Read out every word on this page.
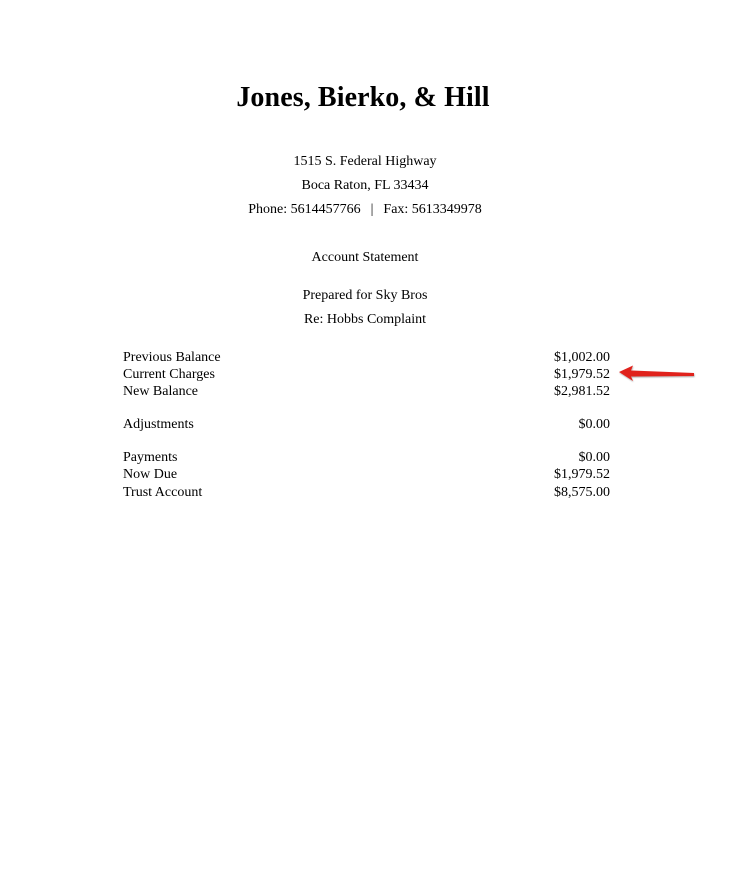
Jones, Bierko, & Hill
1515 S. Federal Highway
Boca Raton, FL 33434
Phone: 5614457766 | Fax: 5613349978
Account Statement
Prepared for Sky Bros
Re: Hobbs Complaint
Previous Balance	$1,002.00
Current Charges	$1,979.52
New Balance	$2,981.52
Adjustments	$0.00
Payments	$0.00
Now Due	$1,979.52
Trust Account	$8,575.00
